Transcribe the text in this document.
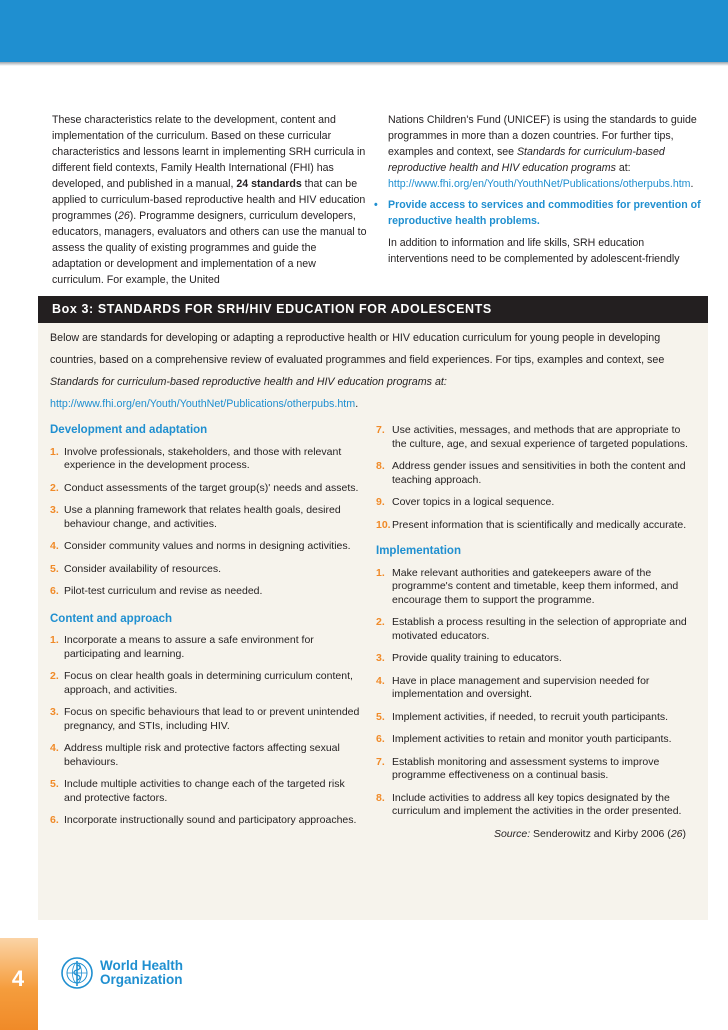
These characteristics relate to the development, content and implementation of the curriculum. Based on these curricular characteristics and lessons learnt in implementing SRH curricula in different field contexts, Family Health International (FHI) has developed, and published in a manual, 24 standards that can be applied to curriculum-based reproductive health and HIV education programmes (26). Programme designers, curriculum developers, educators, managers, evaluators and others can use the manual to assess the quality of existing programmes and guide the adaptation or development and implementation of a new curriculum. For example, the United

Nations Children's Fund (UNICEF) is using the standards to guide programmes in more than a dozen countries. For further tips, examples and context, see Standards for curriculum-based reproductive health and HIV education programs at: http://www.fhi.org/en/Youth/YouthNet/Publications/otherpubs.htm.

• Provide access to services and commodities for prevention of reproductive health problems.

In addition to information and life skills, SRH education interventions need to be complemented by adolescent-friendly

Box 3: STANDARDS FOR SRH/HIV EDUCATION FOR ADOLESCENTS
Below are standards for developing or adapting a reproductive health or HIV education curriculum for young people in developing countries, based on a comprehensive review of evaluated programmes and field experiences. For tips, examples and context, see Standards for curriculum-based reproductive health and HIV education programs at: http://www.fhi.org/en/Youth/YouthNet/Publications/otherpubs.htm.
Development and adaptation
1. Involve professionals, stakeholders, and those with relevant experience in the development process.
2. Conduct assessments of the target group(s)' needs and assets.
3. Use a planning framework that relates health goals, desired behaviour change, and activities.
4. Consider community values and norms in designing activities.
5. Consider availability of resources.
6. Pilot-test curriculum and revise as needed.
Content and approach
1. Incorporate a means to assure a safe environment for participating and learning.
2. Focus on clear health goals in determining curriculum content, approach, and activities.
3. Focus on specific behaviours that lead to or prevent unintended pregnancy, and STIs, including HIV.
4. Address multiple risk and protective factors affecting sexual behaviours.
5. Include multiple activities to change each of the targeted risk and protective factors.
6. Incorporate instructionally sound and participatory approaches.
7. Use activities, messages, and methods that are appropriate to the culture, age, and sexual experience of targeted populations.
8. Address gender issues and sensitivities in both the content and teaching approach.
9. Cover topics in a logical sequence.
10. Present information that is scientifically and medically accurate.
Implementation
1. Make relevant authorities and gatekeepers aware of the programme's content and timetable, keep them informed, and encourage them to support the programme.
2. Establish a process resulting in the selection of appropriate and motivated educators.
3. Provide quality training to educators.
4. Have in place management and supervision needed for implementation and oversight.
5. Implement activities, if needed, to recruit youth participants.
6. Implement activities to retain and monitor youth participants.
7. Establish monitoring and assessment systems to improve programme effectiveness on a continual basis.
8. Include activities to address all key topics designated by the curriculum and implement the activities in the order presented.
Source: Senderowitz and Kirby 2006 (26)
4
World Health
Organization
